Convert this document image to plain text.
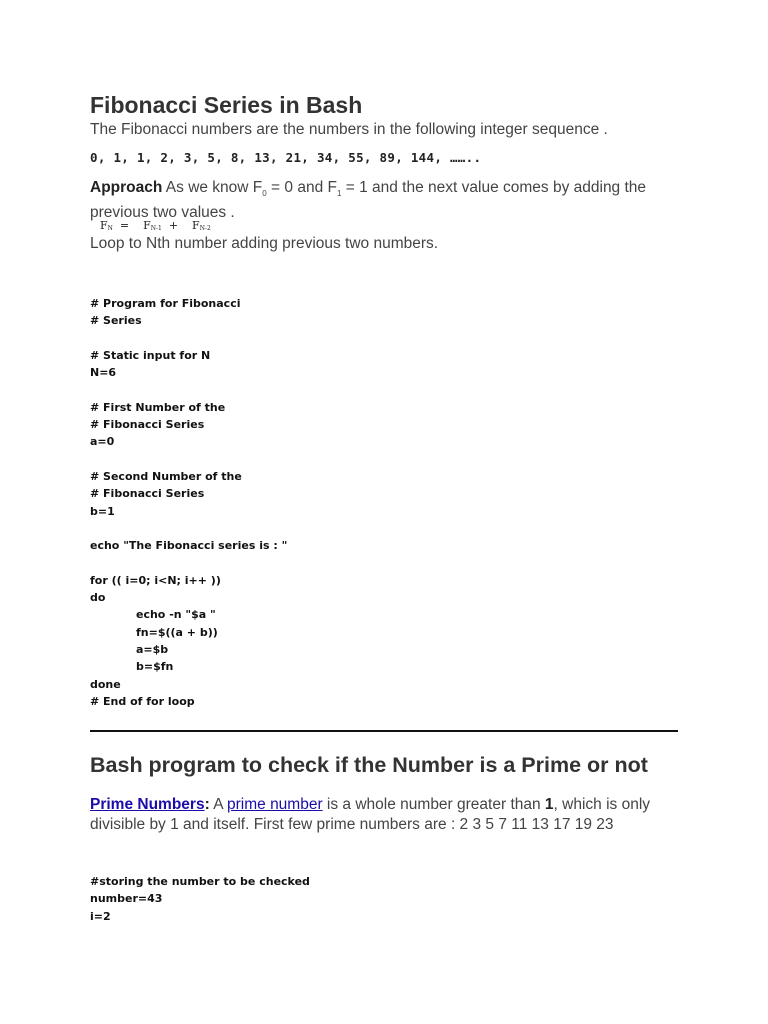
Fibonacci Series in Bash
The Fibonacci numbers are the numbers in the following integer sequence .
0, 1, 1, 2, 3, 5, 8, 13, 21, 34, 55, 89, 144, ……..
Approach As we know $F_0 = 0$ and $F_1 = 1$ and the next value comes by adding the previous two values .
FN  =    FN-1  +    FN-2
Loop to Nth number adding previous two numbers.
# Program for Fibonacci
# Series

# Static input for N
N=6

# First Number of the
# Fibonacci Series
a=0

# Second Number of the
# Fibonacci Series
b=1

echo "The Fibonacci series is : "

for (( i=0; i<N; i++ ))
do
echo -n "$a "
fn=$((a + b))
a=$b
b=$fn
done
# End of for loop
Bash program to check if the Number is a Prime or not
Prime Numbers: A prime number is a whole number greater than 1, which is only divisible by 1 and itself. First few prime numbers are : 2 3 5 7 11 13 17 19 23
#storing the number to be checked
number=43
i=2
